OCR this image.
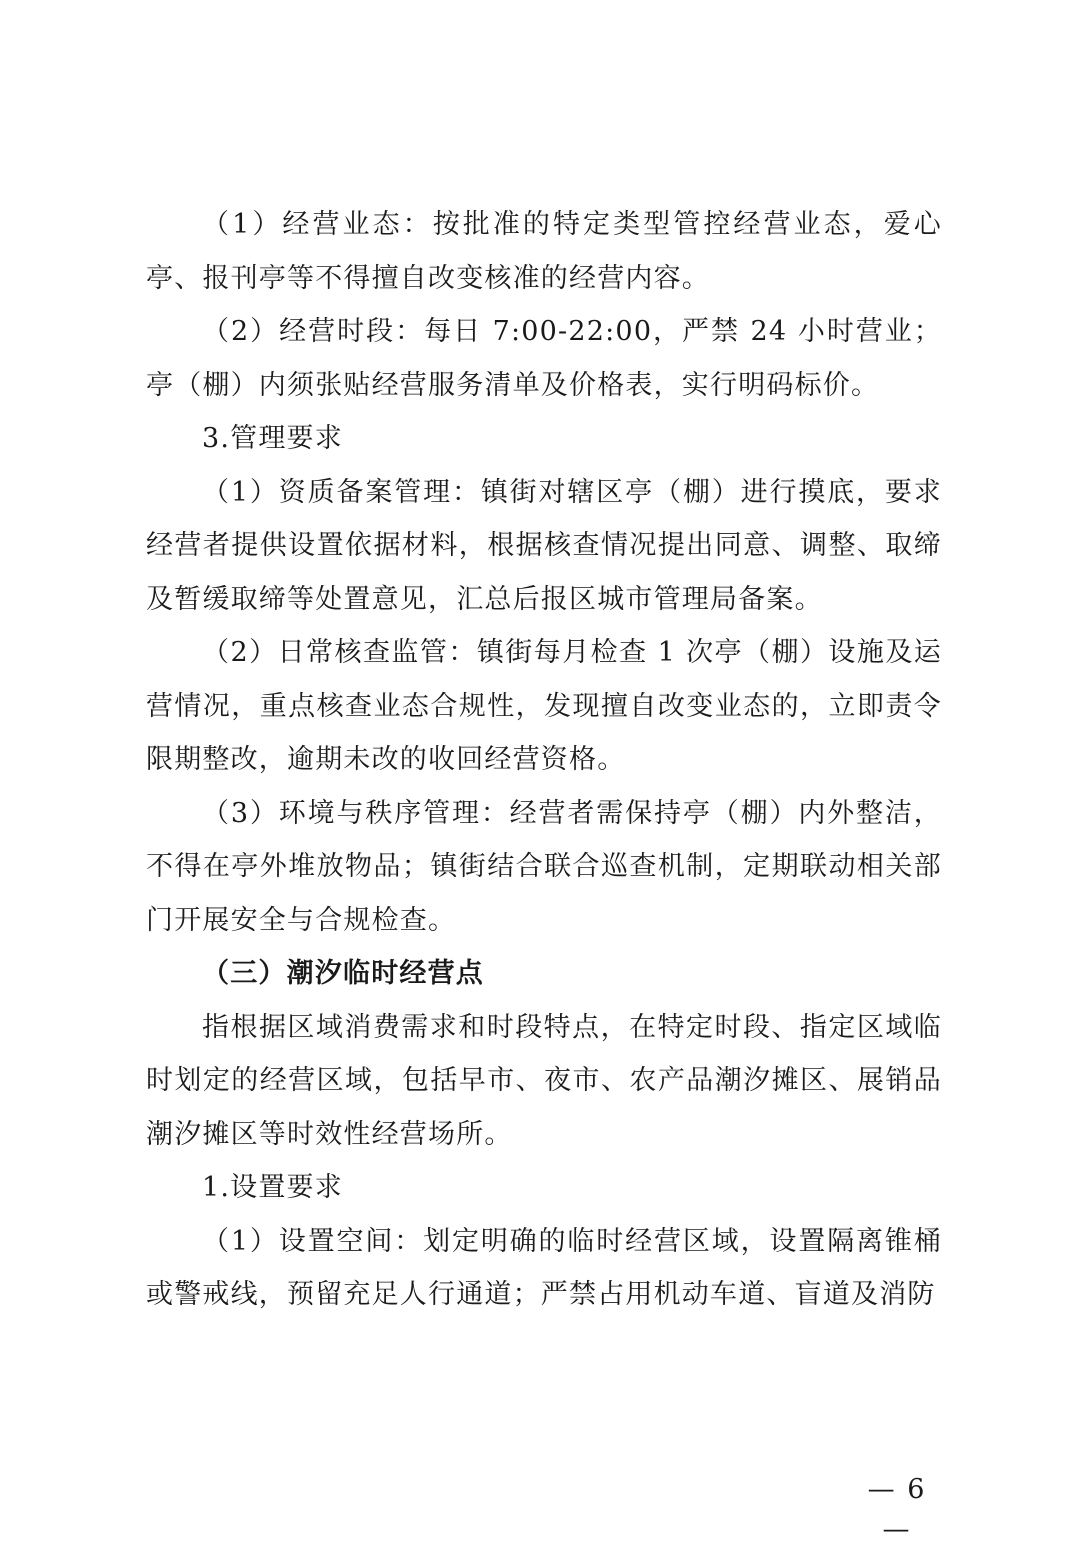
（1）经营业态：按批准的特定类型管控经营业态，爱心亭、报刊亭等不得擅自改变核准的经营内容。

（2）经营时段：每日 7:00-22:00，严禁 24 小时营业；亭（棚）内须张贴经营服务清单及价格表，实行明码标价。

3.管理要求

（1）资质备案管理：镇街对辖区亭（棚）进行摸底，要求经营者提供设置依据材料，根据核查情况提出同意、调整、取缔及暂缓取缔等处置意见，汇总后报区城市管理局备案。

（2）日常核查监管：镇街每月检查 1 次亭（棚）设施及运营情况，重点核查业态合规性，发现擅自改变业态的，立即责令限期整改，逾期未改的收回经营资格。

（3）环境与秩序管理：经营者需保持亭（棚）内外整洁，不得在亭外堆放物品；镇街结合联合巡查机制，定期联动相关部门开展安全与合规检查。

（三）潮汐临时经营点

指根据区域消费需求和时段特点，在特定时段、指定区域临时划定的经营区域，包括早市、夜市、农产品潮汐摊区、展销品潮汐摊区等时效性经营场所。

1.设置要求

（1）设置空间：划定明确的临时经营区域，设置隔离锥桶或警戒线，预留充足人行通道；严禁占用机动车道、盲道及消防

— 6 —
